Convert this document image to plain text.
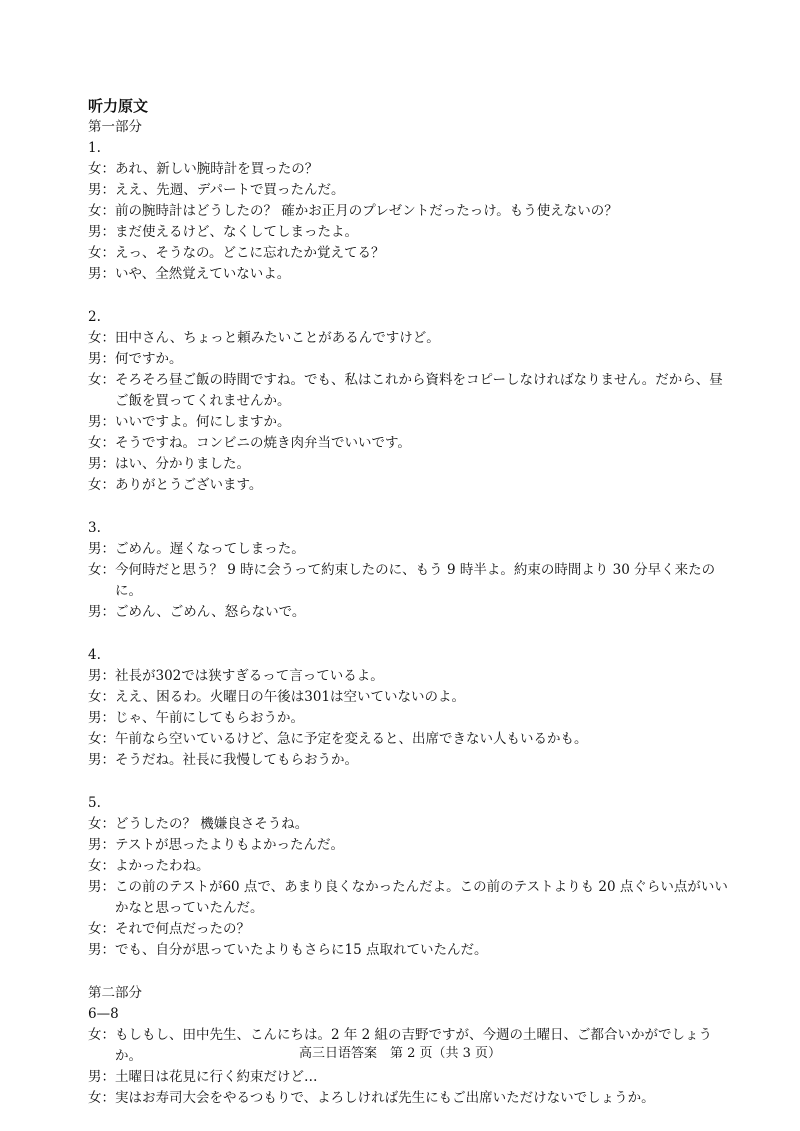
听力原文
第一部分
1.
女： あれ、新しい腕時計を買ったの？
男： ええ、先週、デパートで買ったんだ。
女： 前の腕時計はどうしたの？ 確かお正月のプレゼントだったっけ。もう使えないの？
男： まだ使えるけど、なくしてしまったよ。
女： えっ、そうなの。どこに忘れたか覚えてる？
男： いや、全然覚えていないよ。
2.
女： 田中さん、ちょっと頼みたいことがあるんですけど。
男： 何ですか。
女： そろそろ昼ご飯の時間ですね。でも、私はこれから資料をコピーしなければなりません。だから、昼ご飯を買ってくれませんか。
男： いいですよ。何にしますか。
女： そうですね。コンビニの焼き肉弁当でいいです。
男： はい、分かりました。
女： ありがとうございます。
3.
男： ごめん。遅くなってしまった。
女： 今何時だと思う？ 9 時に会うって約束したのに、もう 9 時半よ。約束の時間より 30 分早く来たのに。
男： ごめん、ごめん、怒らないで。
4.
男： 社長が302では狭すぎるって言っているよ。
女： ええ、困るわ。火曜日の午後は301は空いていないのよ。
男： じゃ、午前にしてもらおうか。
女： 午前なら空いているけど、急に予定を変えると、出席できない人もいるかも。
男： そうだね。社長に我慢してもらおうか。
5.
女： どうしたの？ 機嫌良さそうね。
男： テストが思ったよりもよかったんだ。
女： よかったわね。
男： この前のテストが60 点で、あまり良くなかったんだよ。この前のテストよりも 20 点ぐらい点がいいかなと思っていたんだ。
女： それで何点だったの？
男： でも、自分が思っていたよりもさらに15 点取れていたんだ。
第二部分
6—8
女： もしもし、田中先生、こんにちは。2 年 2 組の吉野ですが、今週の土曜日、ご都合いかがでしょうか。
男： 土曜日は花見に行く約束だけど…
女： 実はお寿司大会をやるつもりで、よろしければ先生にもご出席いただけないでしょうか。
高三日语答案　第 2 页（共 3 页）
